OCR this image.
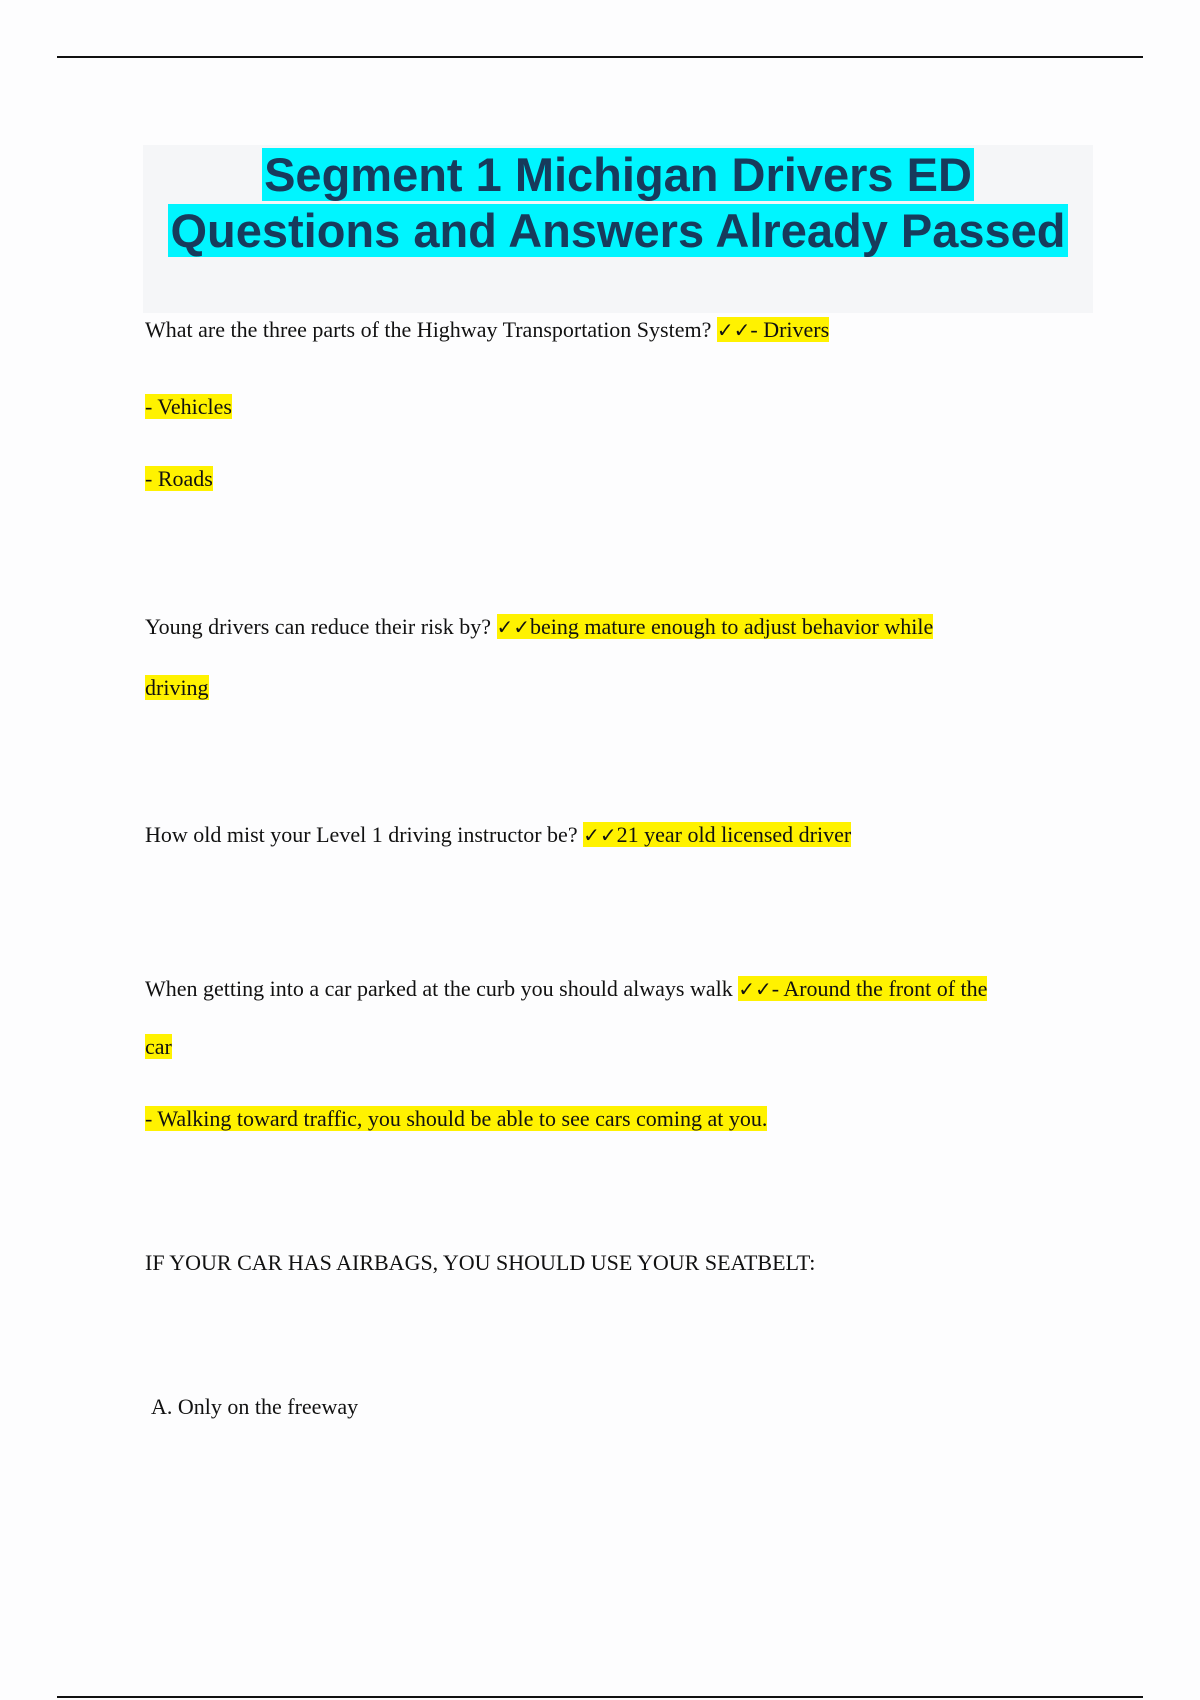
Segment 1 Michigan Drivers ED
Questions and Answers Already Passed
What are the three parts of the Highway Transportation System? ✓✓- Drivers
- Vehicles
- Roads
Young drivers can reduce their risk by? ✓✓being mature enough to adjust behavior while
driving
How old mist your Level 1 driving instructor be? ✓✓21 year old licensed driver
When getting into a car parked at the curb you should always walk ✓✓- Around the front of the
car
- Walking toward traffic, you should be able to see cars coming at you.
IF YOUR CAR HAS AIRBAGS, YOU SHOULD USE YOUR SEATBELT:
A. Only on the freeway
